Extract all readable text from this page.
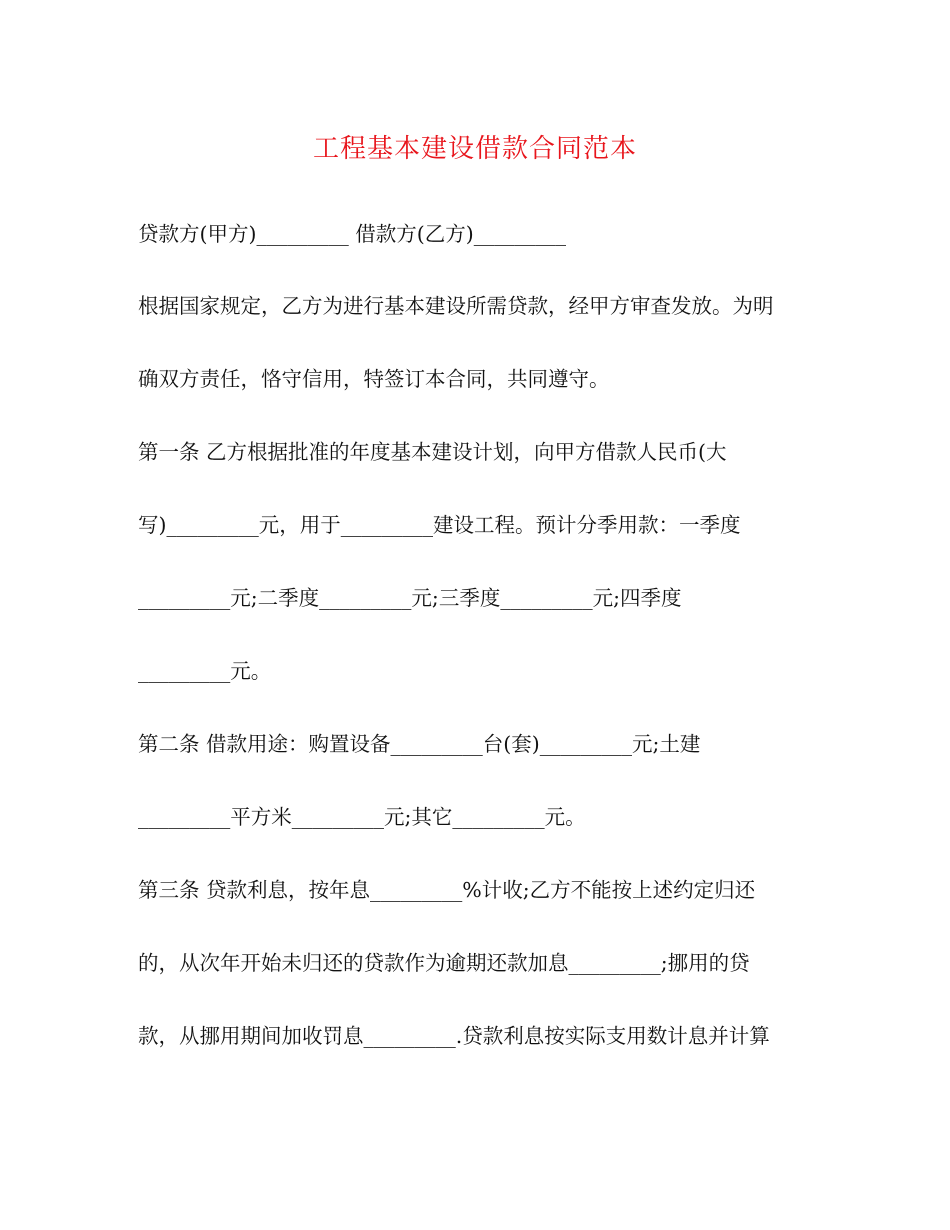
工程基本建设借款合同范本
贷款方(甲方)_________ 借款方(乙方)_________
根据国家规定，乙方为进行基本建设所需贷款，经甲方审查发放。为明
确双方责任，恪守信用，特签订本合同，共同遵守。
第一条 乙方根据批准的年度基本建设计划，向甲方借款人民币(大
写)_________元，用于_________建设工程。预计分季用款：一季度
_________元;二季度_________元;三季度_________元;四季度
_________元。
第二条 借款用途：购置设备_________台(套)_________元;土建
_________平方米_________元;其它_________元。
第三条 贷款利息，按年息_________%计收;乙方不能按上述约定归还
的，从次年开始未归还的贷款作为逾期还款加息_________;挪用的贷
款，从挪用期间加收罚息_________.贷款利息按实际支用数计息并计算
